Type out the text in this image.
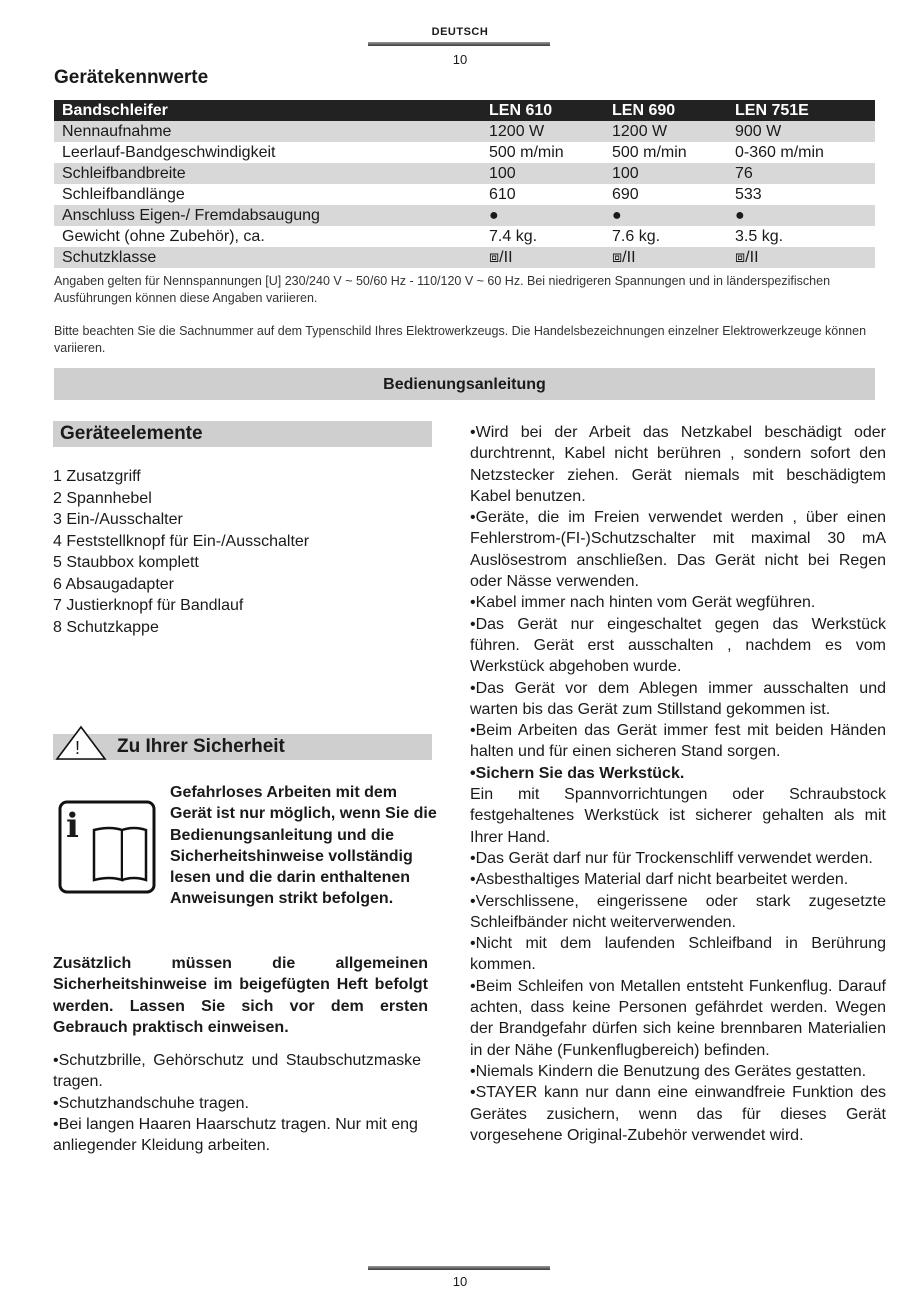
DEUTSCH
10
Gerätekennwerte
Bandschleifer	LEN 610	LEN 690	LEN 751E
Nennaufnahme	1200 W	1200 W	900 W
Leerlauf-Bandgeschwindigkeit	500 m/min	500 m/min	0-360 m/min
Schleifbandbreite	100	100	76
Schleifbandlänge	610	690	533
Anschluss Eigen-/ Fremdabsaugung	●	●	●
Gewicht (ohne Zubehör), ca.	7.4 kg.	7.6 kg.	3.5 kg.
Schutzklasse	⧈/II	⧈/II	⧈/II
Angaben gelten für Nennspannungen [U] 230/240 V ~ 50/60 Hz - 110/120 V ~ 60 Hz. Bei niedrigeren Spannungen und in länderspezifischen Ausführungen können diese Angaben variieren.
Bitte beachten Sie die Sachnummer auf dem Typenschild Ihres Elektrowerkzeugs. Die Handelsbezeichnungen einzelner Elektrowerkzeuge können variieren.
Bedienungsanleitung
Geräteelemente
1 Zusatzgriff
2 Spannhebel
3 Ein-/Ausschalter
4 Feststellknopf für Ein-/Ausschalter
5 Staubbox komplett
6 Absaugadapter
7 Justierknopf für Bandlauf
8 Schutzkappe
! Zu Ihrer Sicherheit
i
Gefahrloses Arbeiten mit dem Gerät ist nur möglich, wenn Sie die Bedienungsanleitung und die Sicherheitshinweise vollständig lesen und die darin enthaltenen Anweisungen strikt befolgen.
Zusätzlich müssen die allgemeinen Sicherheitshinweise im beigefügten Heft befolgt werden. Lassen Sie sich vor dem ersten Gebrauch praktisch einweisen.
•Schutzbrille, Gehörschutz und Staubschutzmaske tragen.
•Schutzhandschuhe tragen.
•Bei langen Haaren Haarschutz tragen. Nur mit eng anliegender Kleidung arbeiten.

•Wird bei der Arbeit das Netzkabel beschädigt oder durchtrennt, Kabel nicht berühren , sondern sofort den Netzstecker ziehen. Gerät niemals mit beschädigtem Kabel benutzen.

•Geräte, die im Freien verwendet werden , über einen Fehlerstrom-(FI-)Schutzschalter mit maximal 30 mA Auslösestrom anschließen. Das Gerät nicht bei Regen oder Nässe verwenden.

•Kabel immer nach hinten vom Gerät wegführen.

•Das Gerät nur eingeschaltet gegen das Werkstück führen. Gerät erst ausschalten , nachdem es vom Werkstück abgehoben wurde.

•Das Gerät vor dem Ablegen immer ausschalten und warten bis das Gerät zum Stillstand gekommen ist.

•Beim Arbeiten das Gerät immer fest mit beiden Händen halten und für einen sicheren Stand sorgen.

•Sichern Sie das Werkstück.

Ein mit Spannvorrichtungen oder Schraubstock festgehaltenes Werkstück ist sicherer gehalten als mit Ihrer Hand.

•Das Gerät darf nur für Trockenschliff verwendet werden.

•Asbesthaltiges Material darf nicht bearbeitet werden.

•Verschlissene, eingerissene oder stark zugesetzte Schleifbänder nicht weiterverwenden.

•Nicht mit dem laufenden Schleifband in Berührung kommen.

•Beim Schleifen von Metallen entsteht Funkenflug. Darauf achten, dass keine Personen gefährdet werden. Wegen der Brandgefahr dürfen sich keine brennbaren Materialien in der Nähe (Funkenflugbereich) befinden.

•Niemals Kindern die Benutzung des Gerätes gestatten.

•STAYER kann nur dann eine einwandfreie Funktion des Gerätes zusichern, wenn das für dieses Gerät vorgesehene Original-Zubehör verwendet wird.

10
